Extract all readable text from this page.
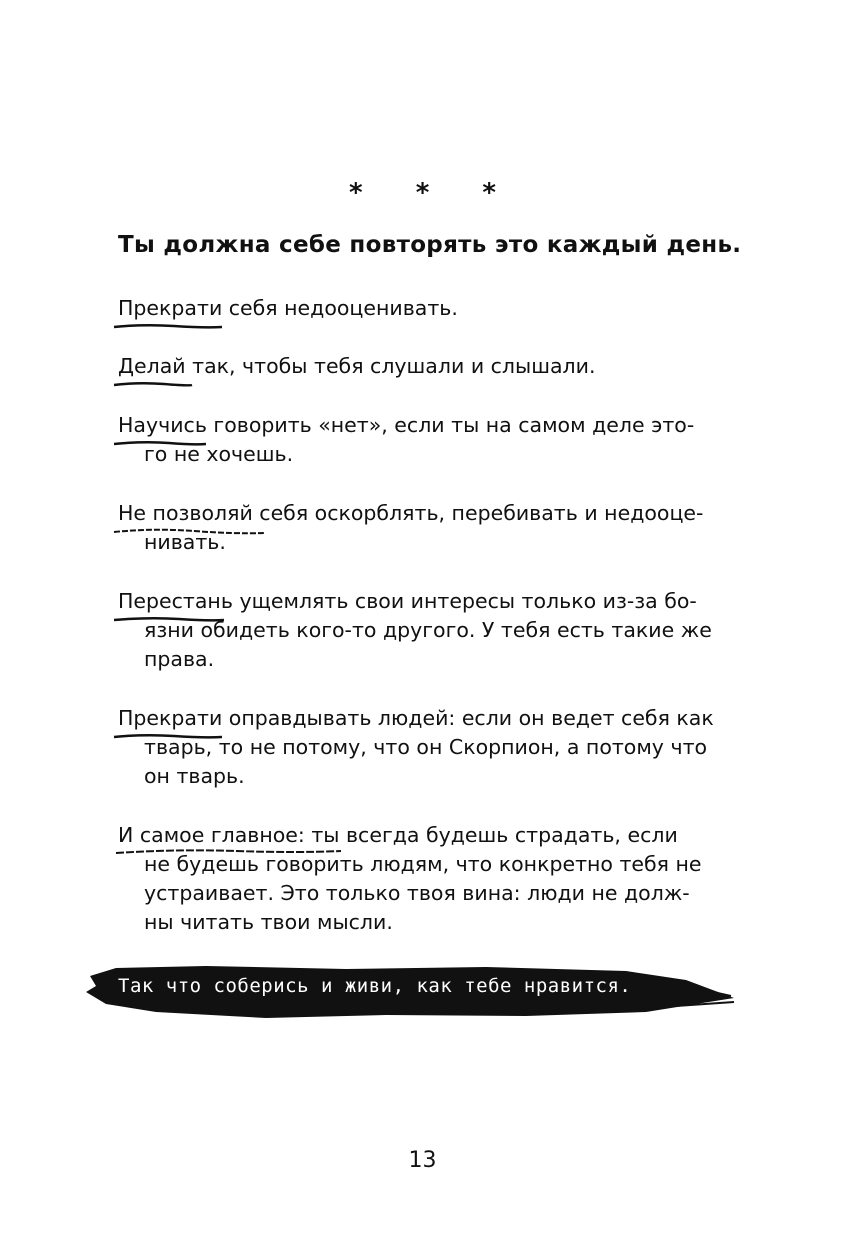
* * *
Ты должна себе повторять это каждый день.
Прекрати
себя недооценивать.
Делай
так, чтобы тебя слушали и слышали.
Научись
говорить «нет», если ты на самом деле это-
го не хочешь.
Не позволяй
себя оскорблять, перебивать и недооце-
нивать.
Перестань
ущемлять свои интересы только из-за бо-
язни обидеть кого-то другого. У тебя есть такие же
права.
Прекрати
оправдывать людей: если он ведет себя как
тварь, то не потому, что он Скорпион, а потому что
он тварь.
И самое главное
: ты всегда будешь страдать, если
не будешь говорить людям, что конкретно тебя не
устраивает. Это только твоя вина: люди не долж-
ны читать твои мысли.
Так что соберись и живи, как тебе нравится.
13
